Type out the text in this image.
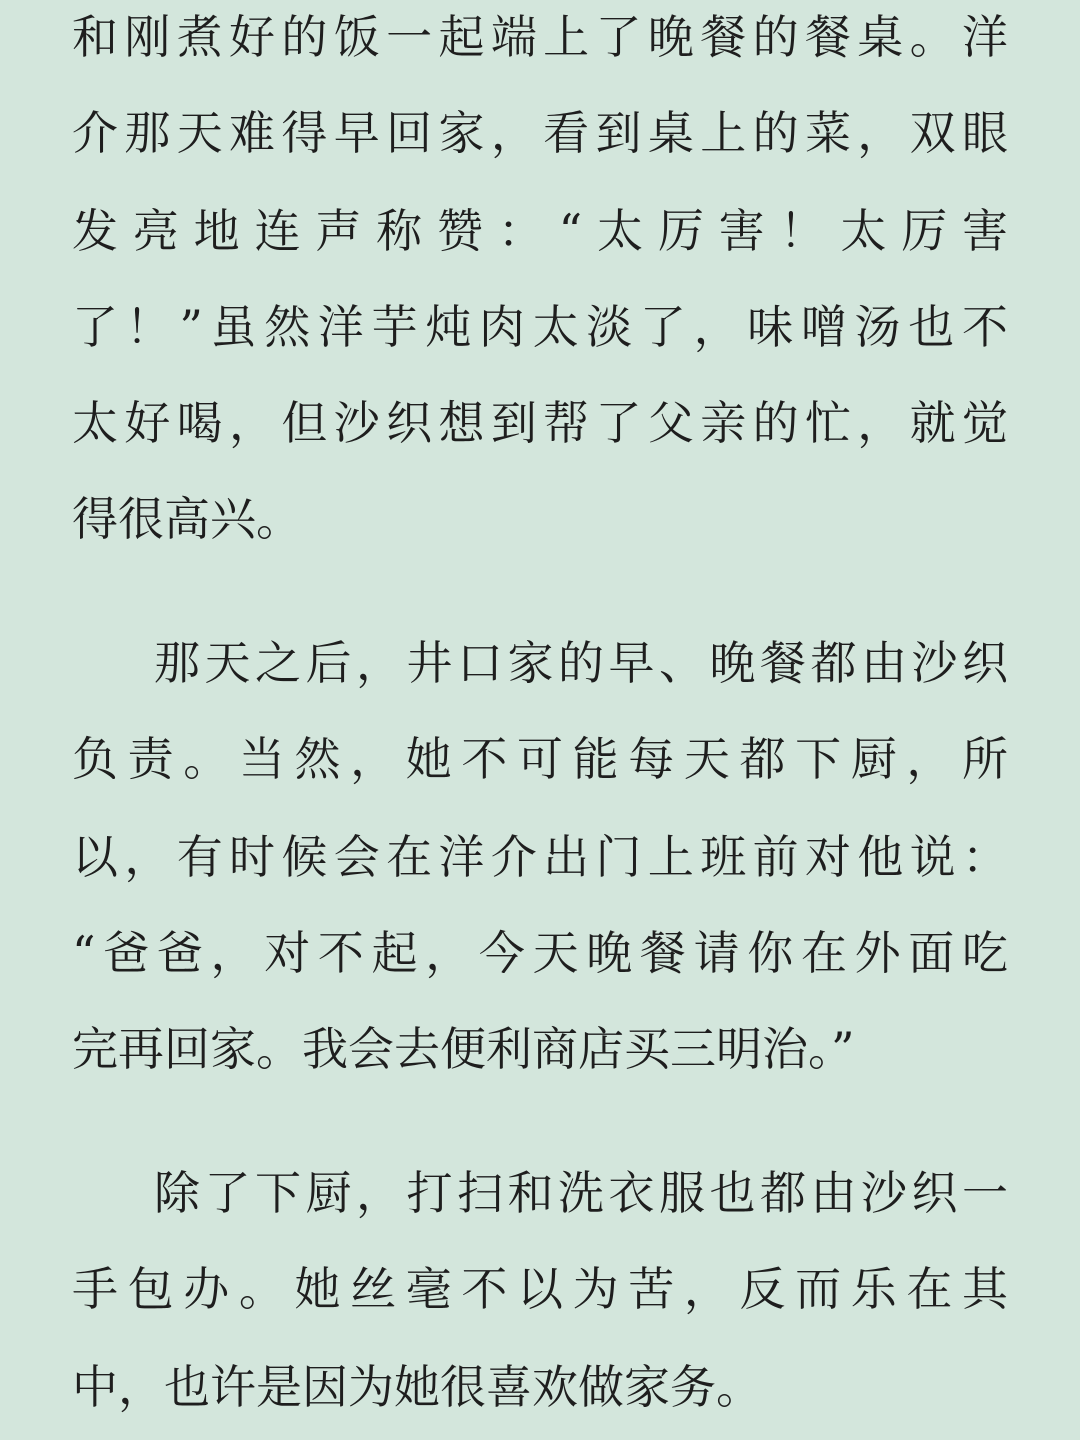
和刚煮好的饭一起端上了晚餐的餐桌。洋
介那天难得早回家，看到桌上的菜，双眼
发亮地连声称赞：“太厉害！太厉害
了！”虽然洋芋炖肉太淡了，味噌汤也不
太好喝，但沙织想到帮了父亲的忙，就觉
得很高兴。
那天之后，井口家的早、晚餐都由沙织
负责。当然，她不可能每天都下厨，所
以，有时候会在洋介出门上班前对他说：
“爸爸，对不起，今天晚餐请你在外面吃
完再回家。我会去便利商店买三明治。”
除了下厨，打扫和洗衣服也都由沙织一
手包办。她丝毫不以为苦，反而乐在其
中，也许是因为她很喜欢做家务。
